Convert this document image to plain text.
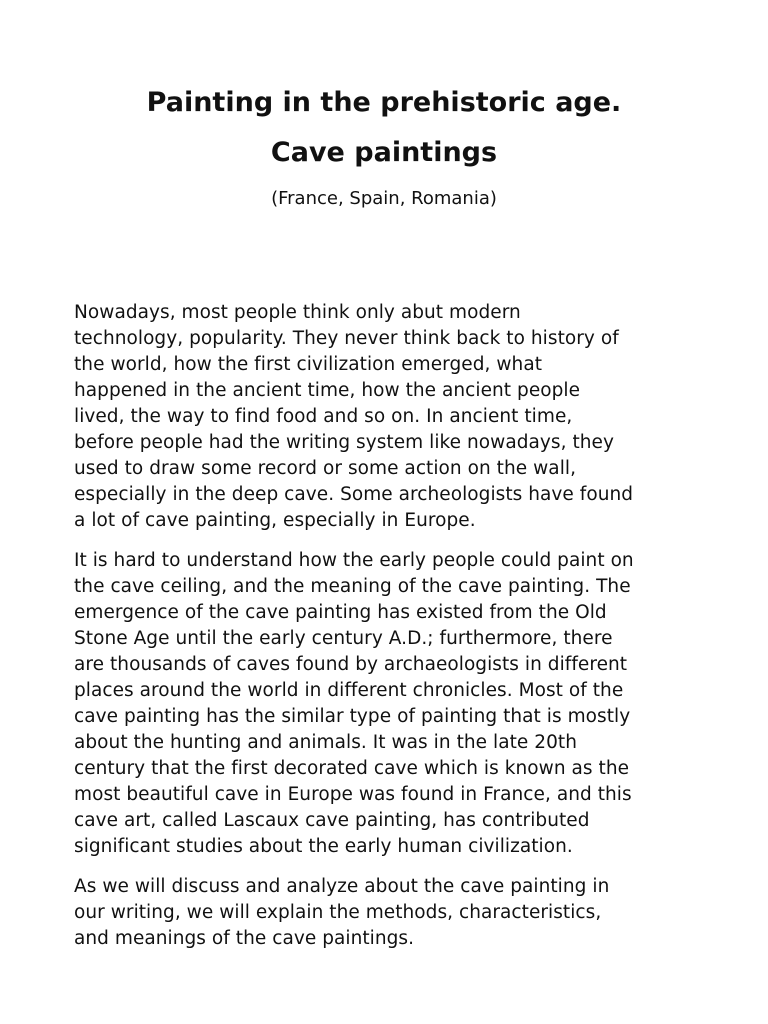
Painting in the prehistoric age.
Cave paintings

(France, Spain, Romania)

Nowadays, most people think only abut modern
technology, popularity. They never think back to history of
the world, how the first civilization emerged, what
happened in the ancient time, how the ancient people
lived, the way to find food and so on. In ancient time,
before people had the writing system like nowadays, they
used to draw some record or some action on the wall,
especially in the deep cave. Some archeologists have found
a lot of cave painting, especially in Europe.

It is hard to understand how the early people could paint on
the cave ceiling, and the meaning of the cave painting. The
emergence of the cave painting has existed from the Old
Stone Age until the early century A.D.; furthermore, there
are thousands of caves found by archaeologists in different
places around the world in different chronicles. Most of the
cave painting has the similar type of painting that is mostly
about the hunting and animals. It was in the late 20th
century that the first decorated cave which is known as the
most beautiful cave in Europe was found in France, and this
cave art, called Lascaux cave painting, has contributed
significant studies about the early human civilization.

As we will discuss and analyze about the cave painting in
our writing, we will explain the methods, characteristics,
and meanings of the cave paintings.
